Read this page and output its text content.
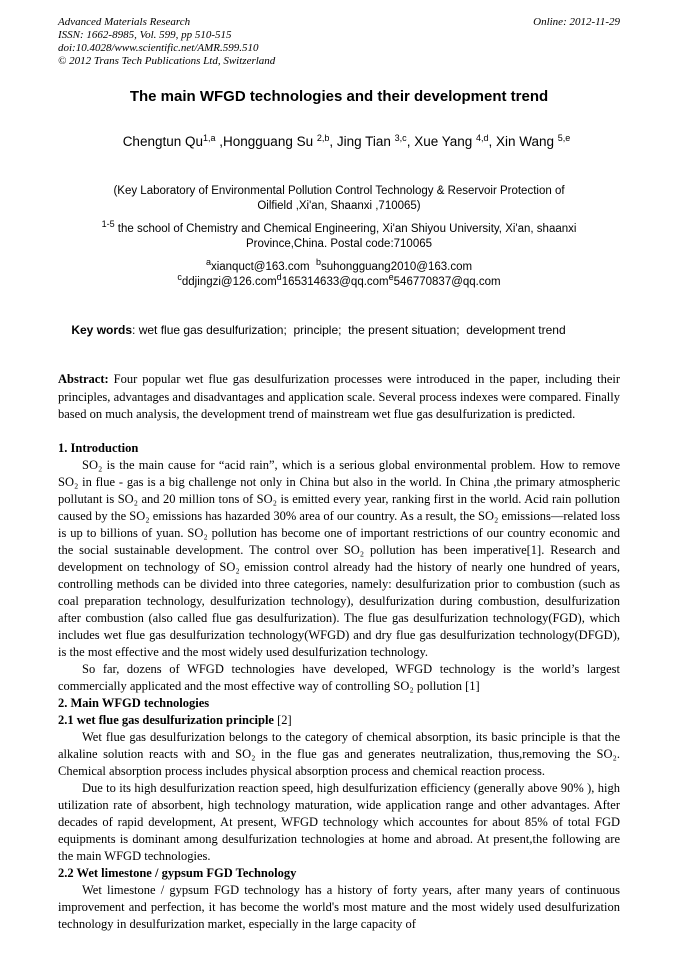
Advanced Materials Research
ISSN: 1662-8985, Vol. 599, pp 510-515
doi:10.4028/www.scientific.net/AMR.599.510
© 2012 Trans Tech Publications Ltd, Switzerland
Online: 2012-11-29
The main WFGD technologies and their development trend

Chengtun Qu$^{1,a}$ ,Hongguang Su $^{2,b}$, Jing Tian $^{3,c}$, Xue Yang $^{4,d}$, Xin Wang $^{5,e}$

(Key Laboratory of Environmental Pollution Control Technology & Reservoir Protection of
Oilfield ,Xi'an, Shaanxi ,710065)
$^{1-5}$ the school of Chemistry and Chemical Engineering, Xi'an Shiyou University, Xi'an, shaanxi
Province,China. Postal code:710065
$^a$xianquct@163.com $^b$suhongguang2010@163.com
$^c$ddjingzi@126.com$^d$165314633@qq.com$^e$546770837@qq.com

Key words: wet flue gas desulfurization;  principle;  the present situation;  development trend

Abstract: Four popular wet flue gas desulfurization processes were introduced in the paper, including their principles, advantages and disadvantages and application scale. Several process indexes were compared. Finally based on much analysis, the development trend of mainstream wet flue gas desulfurization is predicted.
1. Introduction
SO₂ is the main cause for “acid rain”, which is a serious global environmental problem. How to remove SO₂ in flue - gas is a big challenge not only in China but also in the world. In China ,the primary atmospheric pollutant is SO₂ and 20 million tons of SO₂ is emitted every year, ranking first in the world. Acid rain pollution caused by the SO₂ emissions has hazarded 30% area of our country. As a result, the SO₂ emissions—related loss is up to billions of yuan. SO₂ pollution has become one of important restrictions of our country economic and the social sustainable development. The control over SO₂ pollution has been imperative[1]. Research and development on technology of SO₂ emission control already had the history of nearly one hundred of years, controlling methods can be divided into three categories, namely: desulfurization prior to combustion (such as coal preparation technology, desulfurization technology), desulfurization during combustion, desulfurization after combustion (also called flue gas desulfurization). The flue gas desulfurization technology(FGD), which includes wet flue gas desulfurization technology(WFGD) and dry flue gas desulfurization technology(DFGD), is the most effective and the most widely used desulfurization technology.
So far, dozens of WFGD technologies have developed, WFGD technology is the world’s largest commercially applicated and the most effective way of controlling SO₂ pollution [1]
2. Main WFGD technologies
2.1 wet flue gas desulfurization principle [2]
Wet flue gas desulfurization belongs to the category of chemical absorption, its basic principle is that the alkaline solution reacts with and SO₂ in the flue gas and generates neutralization, thus,removing the SO₂. Chemical absorption process includes physical absorption process and chemical reaction process.
Due to its high desulfurization reaction speed, high desulfurization efficiency (generally above 90% ), high utilization rate of absorbent, high technology maturation, wide application range and other advantages. After decades of rapid development, At present, WFGD technology which accountes for about 85% of total FGD equipments is dominant among desulfurization technologies at home and abroad. At present,the following are the main WFGD technologies.
2.2 Wet limestone / gypsum FGD Technology
Wet limestone / gypsum FGD technology has a history of forty years, after many years of continuous improvement and perfection, it has become the world's most mature and the most widely used desulfurization technology in desulfurization market, especially in the large capacity of
